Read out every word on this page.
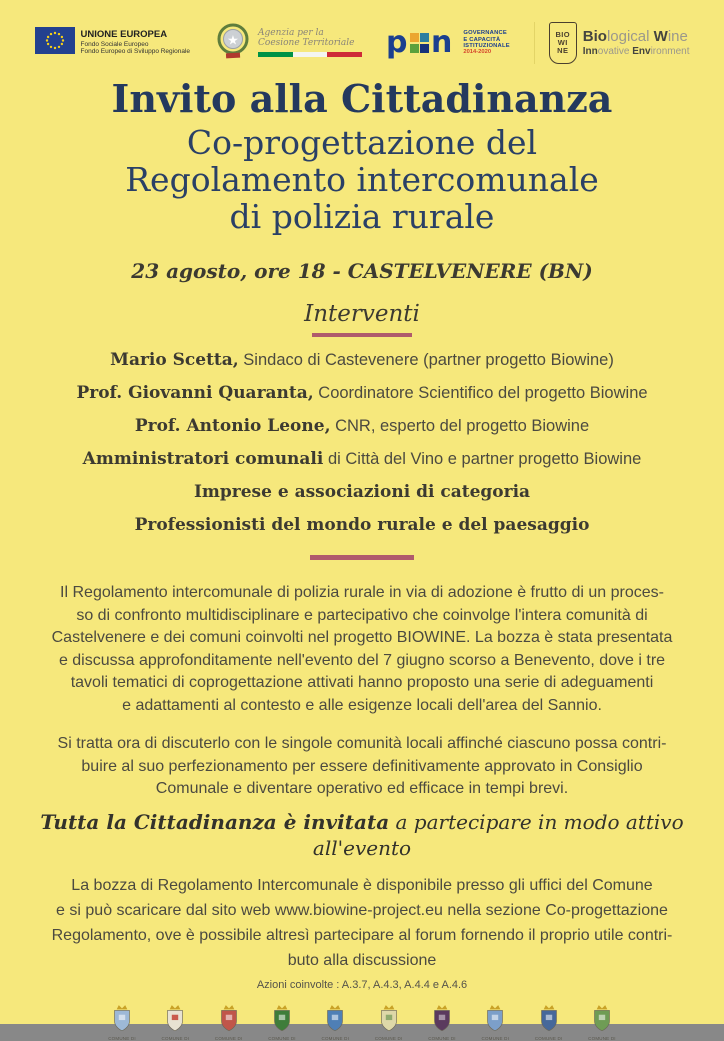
UNIONE EUROPEA
Fondo Sociale Europeo
Fondo Europeo di Sviluppo Regionale
★ Agenzia per la
Coesione Territoriale p n GOVERNANCE
E CAPACITÀ
ISTITUZIONALE
2014-2020
BIO
WI
NE
Biological Wine
Innovative Environment
Invito alla Cittadinanza
Co-progettazione del
Regolamento intercomunale
di polizia rurale
23 agosto, ore 18 - CASTELVENERE (BN)
Interventi
Mario Scetta, Sindaco di Castevenere (partner progetto Biowine)
Prof. Giovanni Quaranta, Coordinatore Scientifico del progetto Biowine
Prof. Antonio Leone, CNR, esperto del progetto Biowine
Amministratori comunali di Città del Vino e partner progetto Biowine
Imprese e associazioni di categoria
Professionisti del mondo rurale e del paesaggio
Il Regolamento intercomunale di polizia rurale in via di adozione è frutto di un proces-
so di confronto multidisciplinare e partecipativo che coinvolge l'intera comunità di
Castelvenere e dei comuni coinvolti nel progetto BIOWINE. La bozza è stata presentata
e discussa approfonditamente nell'evento del 7 giugno scorso a Benevento, dove i tre
tavoli tematici di coprogettazione attivati hanno proposto una serie di adeguamenti
e adattamenti al contesto e alle esigenze locali dell'area del Sannio.
Si tratta ora di discuterlo con le singole comunità locali affinché ciascuno possa contri-
buire al suo perfezionamento per essere definitivamente approvato in Consiglio
Comunale e diventare operativo ed efficace in tempi brevi.
Tutta la Cittadinanza è invitata a partecipare in modo attivo all'evento
La bozza di Regolamento Intercomunale è disponibile presso gli uffici del Comune
e si può scaricare dal sito web www.biowine-project.eu nella sezione Co-progettazione
Regolamento, ove è possibile altresì partecipare al forum fornendo il proprio utile contri-
buto alla discussione
Azioni coinvolte : A.3.7, A.4.3, A.4.4 e A.4.6
COMUNE DI	COMUNE DI	COMUNE DI	COMUNE DI	COMUNE DI	COMUNE DI	COMUNE DI	COMUNE DI	COMUNE DI	COMUNE DI
